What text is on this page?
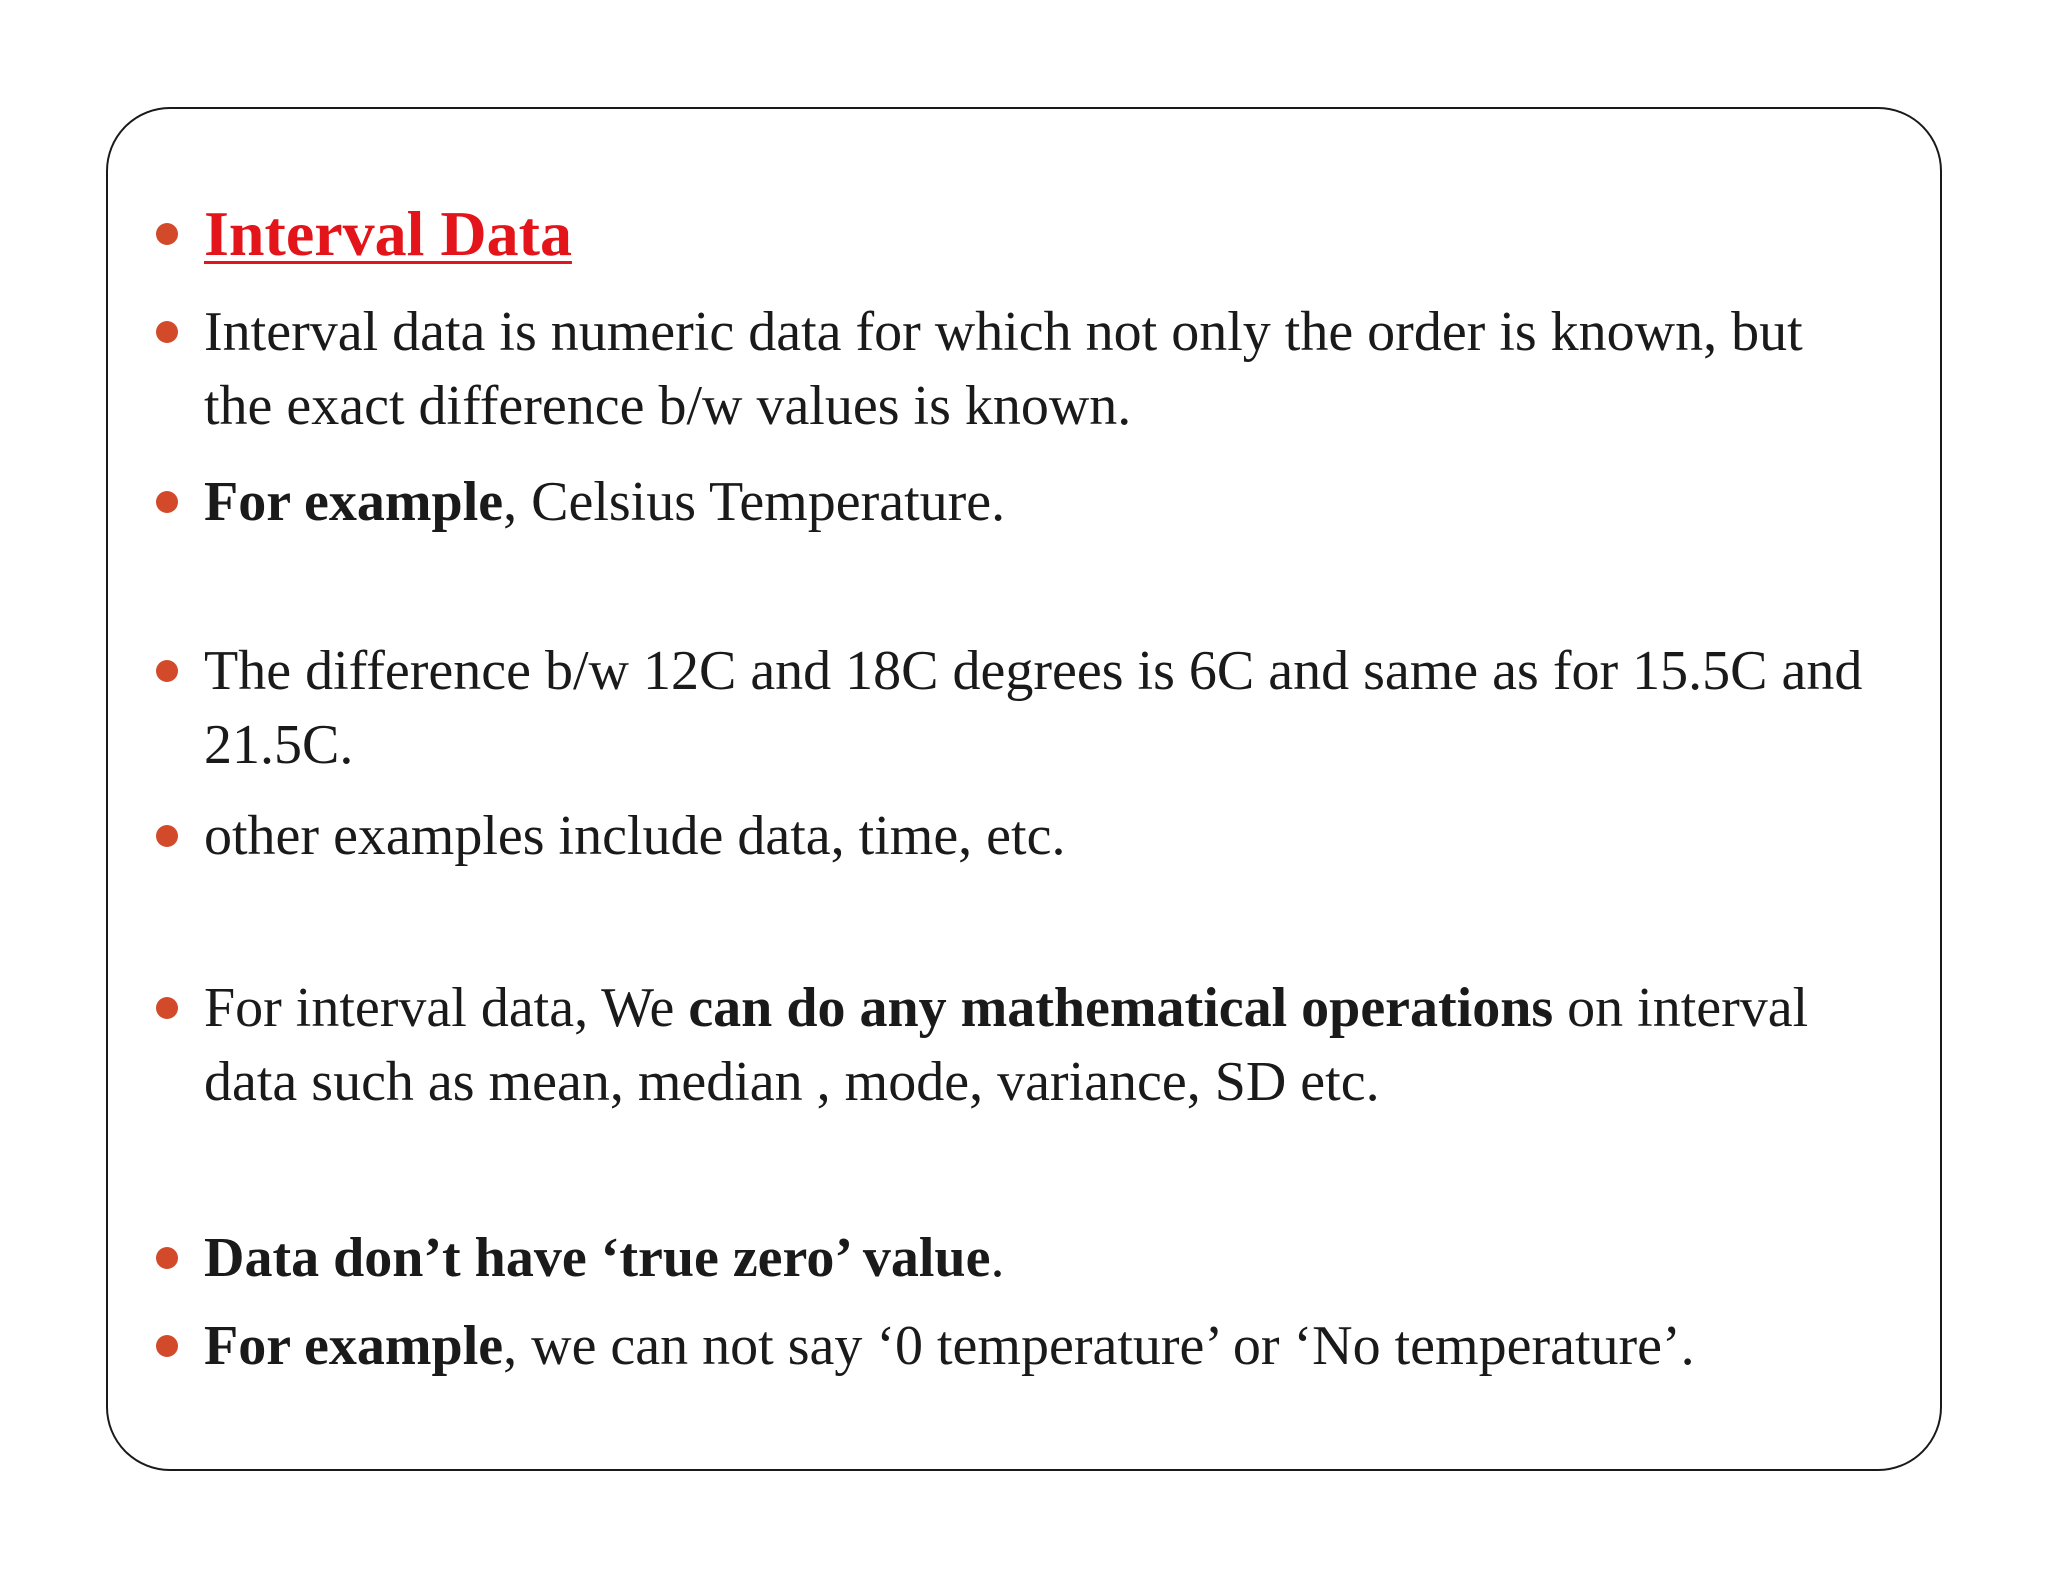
Interval Data
Interval data is numeric data for which not only the order is known, but the exact difference b/w values is known.
For example, Celsius Temperature.
The difference b/w 12C and 18C degrees is 6C and same as for 15.5C and 21.5C.
other examples include data, time, etc.
For interval data, We can do any mathematical operations on interval data such as mean, median , mode, variance, SD etc.
Data don’t have ‘true zero’ value.
For example, we can not say ‘0 temperature’ or ‘No temperature’.
